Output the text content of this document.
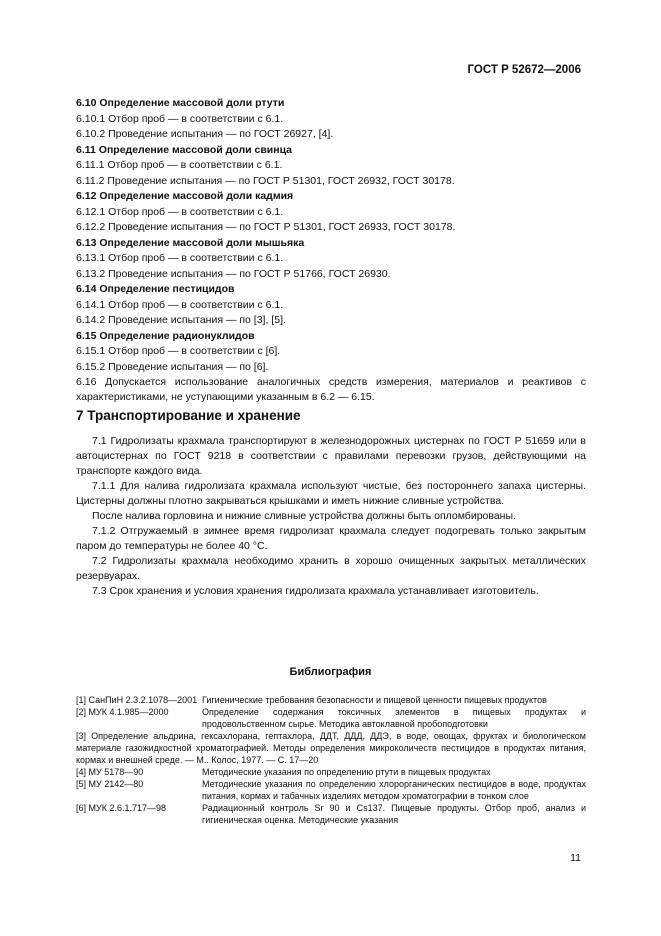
ГОСТ Р 52672—2006
6.10 Определение массовой доли ртути
6.10.1 Отбор проб — в соответствии с 6.1.
6.10.2 Проведение испытания — по ГОСТ 26927, [4].
6.11 Определение массовой доли свинца
6.11.1 Отбор проб — в соответствии с 6.1.
6.11.2 Проведение испытания — по ГОСТ Р 51301, ГОСТ 26932, ГОСТ 30178.
6.12 Определение массовой доли кадмия
6.12.1 Отбор проб — в соответствии с 6.1.
6.12.2 Проведение испытания — по ГОСТ Р 51301, ГОСТ 26933, ГОСТ 30178.
6.13 Определение массовой доли мышьяка
6.13.1 Отбор проб — в соответствии с 6.1.
6.13.2 Проведение испытания — по ГОСТ Р 51766, ГОСТ 26930.
6.14 Определение пестицидов
6.14.1 Отбор проб — в соответствии с 6.1.
6.14.2 Проведение испытания — по [3], [5].
6.15 Определение радионуклидов
6.15.1 Отбор проб — в соответствии с [6].
6.15.2 Проведение испытания — по [6].
6.16 Допускается использование аналогичных средств измерения, материалов и реактивов с характеристиками, не уступающими указанным в 6.2 — 6.15.
7 Транспортирование и хранение

7.1 Гидролизаты крахмала транспортируют в железнодорожных цистернах по ГОСТ Р 51659 или в автоцистернах по ГОСТ 9218 в соответствии с правилами перевозки грузов, действующими на транспорте каждого вида.

7.1.1 Для налива гидролизата крахмала используют чистые, без постороннего запаха цистерны. Цистерны должны плотно закрываться крышками и иметь нижние сливные устройства.

После налива горловина и нижние сливные устройства должны быть опломбированы.

7.1.2 Отгружаемый в зимнее время гидролизат крахмала следует подогревать только закрытым паром до температуры не более 40 °С.

7.2 Гидролизаты крахмала необходимо хранить в хорошо очищенных закрытых металлических резервуарах.

7.3 Срок хранения и условия хранения гидролизата крахмала устанавливает изготовитель.

Библиография
[1] СанПиН 2.3.2.1078—2001 Гигиенические требования безопасности и пищевой ценности пищевых продуктов
[2] МУК 4.1.985—2000	Определение содержания токсичных элементов в пищевых продуктах и продовольственном сырье. Методика автоклавной пробоподготовки
[3] Определение альдрина, гексахлорана, гептахлора, ДДТ, ДДД, ДДЭ, в воде, овощах, фруктах и биологическом материале газожидкостной хроматографией. Методы определения микроколичеств пестицидов в продуктах питания, кормах и внешней среде. — М.. Колос, 1977. — С. 17—20
[4] МУ 5178—90	Методические указания по определению ртути в пищевых продуктах
[5] МУ 2142—80	Методические указания по определению хлорорганических пестицидов в воде, продуктах питания, кормах и табачных изделиях методом хроматографии в тонком слое
[6] МУК 2.6.1.717—98	Радиационный контроль Sr 90 и Cs137. Пищевые продукты. Отбор проб, анализ и гигиеническая оценка. Методические указания
11
